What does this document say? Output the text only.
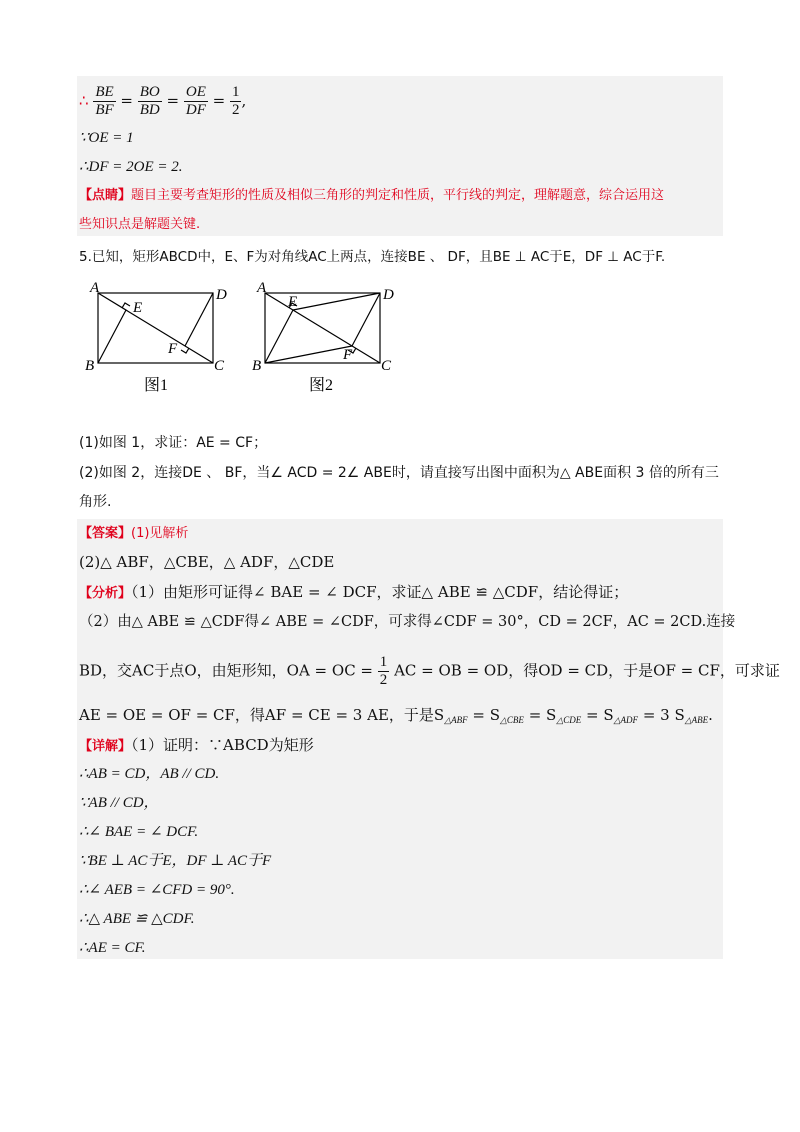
∴ $\frac{BE}{BF} = \frac{BO}{BD} = \frac{OE}{DF} = \frac{1}{2}$ ,
∵OE = 1
∴DF = 2OE = 2.
【点睛】题目主要考查矩形的性质及相似三角形的判定和性质，平行线的判定，理解题意，综合运用这
些知识点是解题关键.
5.已知，矩形ABCD中，E、F为对角线AC上两点，连接BE 、 DF，且BE ⊥ AC于E，DF ⊥ AC于F.
A	D
E
F
B	C
图1
A	D
E
F
B	C
图2
(1)如图 1，求证：AE = CF；
(2)如图 2，连接DE 、 BF，当∠ ACD = 2∠ ABE时，请直接写出图中面积为△ ABE面积 3 倍的所有三
角形.
【答案】(1)见解析
(2)△ ABF，△CBE，△ ADF，△CDE
【分析】（1）由矩形可证得∠ BAE = ∠ DCF，求证△ ABE ≌ △CDF，结论得证；
（2）由△ ABE ≌ △CDF得∠ ABE = ∠CDF，可求得∠CDF = 30°，CD = 2CF，AC = 2CD.连接
BD，交AC于点O，由矩形知，OA = OC = $\frac{1}{2}$ AC = OB = OD，得OD = CD，于是OF = CF，可求证
AE = OE = OF = CF，得AF = CE = 3 AE，于是$S_{\triangle ABF} = S_{\triangle CBE} = S_{\triangle CDE} = S_{\triangle ADF} = 3$ $S_{\triangle ABE}$.
【详解】（1）证明：∵ABCD为矩形
∴AB = CD，AB // CD.
∵AB // CD，
∴∠ BAE = ∠ DCF.
∵BE ⊥ AC于E，DF ⊥ AC于F
∴∠ AEB = ∠CFD = 90°.
∴△ ABE ≌ △CDF.
∴AE = CF.
